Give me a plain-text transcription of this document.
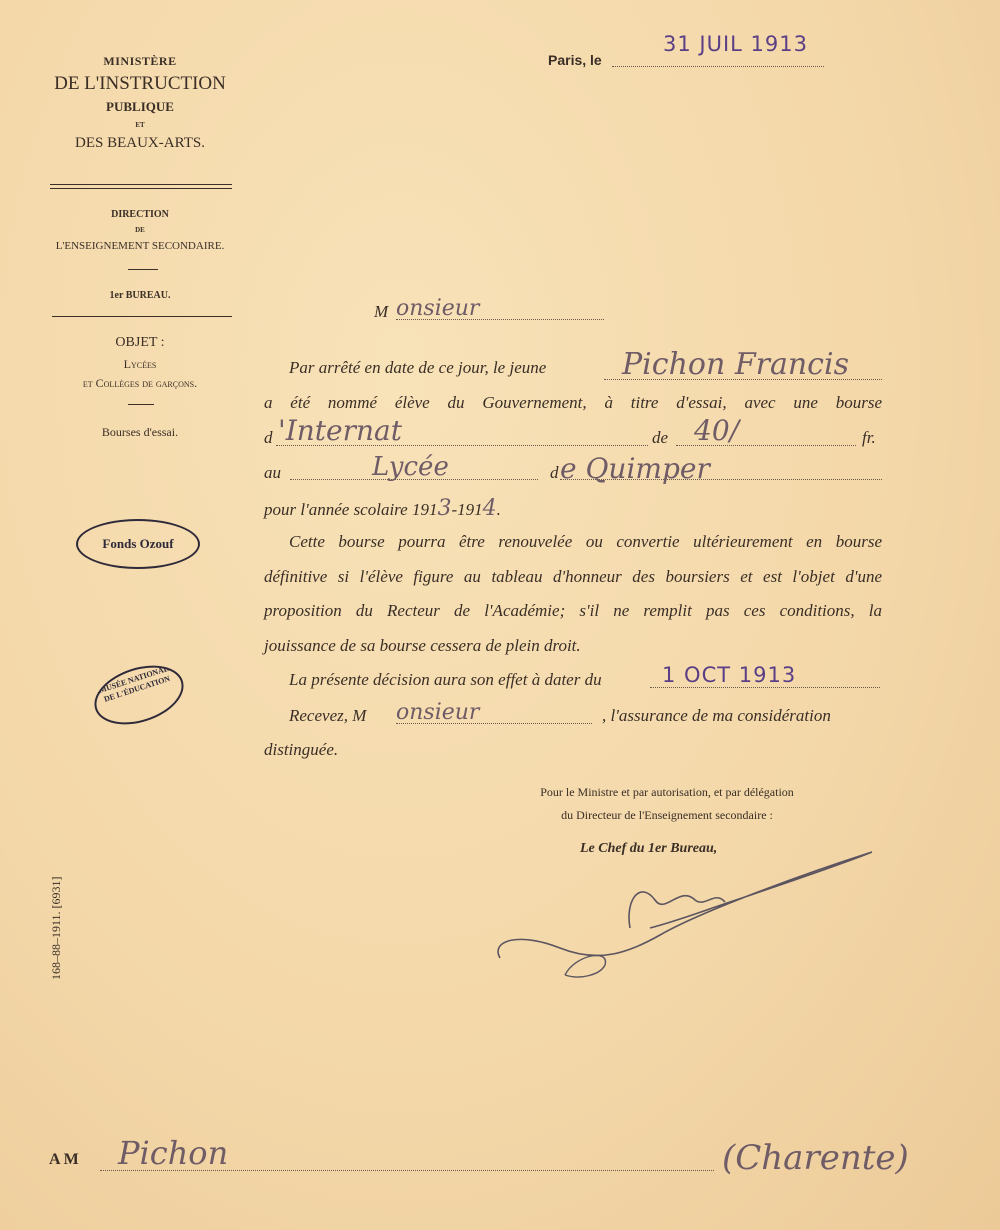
MINISTÈRE
DE L'INSTRUCTION
PUBLIQUE
ET
DES BEAUX-ARTS.
DIRECTION
DE
L'ENSEIGNEMENT SECONDAIRE.
1er BUREAU.
OBJET :
Lycées
et Collèges de garçons.
Bourses d'essai.
Fonds Ozouf
MUSÉE NATIONAL DE L'ÉDUCATION
168–88–1911. [6931]
Paris, le
31 JUIL 1913
M onsieur
Par arrêté en date de ce jour, le jeune	Pichon Francis
a été nommé élève du Gouvernement, à titre d'essai, avec une bourse
d 'Internat	de 40/	fr.
au	Lycée	d e Quimper
pour l'année scolaire 1913-1914.
Cette bourse pourra être renouvelée ou convertie ultérieurement en bourse
définitive si l'élève figure au tableau d'honneur des boursiers et est l'objet d'une
proposition du Recteur de l'Académie; s'il ne remplit pas ces conditions, la
jouissance de sa bourse cessera de plein droit.
La présente décision aura son effet à dater du	1 OCT 1913
Recevez, M onsieur	, l'assurance de ma considération
distinguée.
Pour le Ministre et par autorisation, et par délégation
du Directeur de l'Enseignement secondaire :
Le Chef du 1er Bureau,
A M Pichon	(Charente)
